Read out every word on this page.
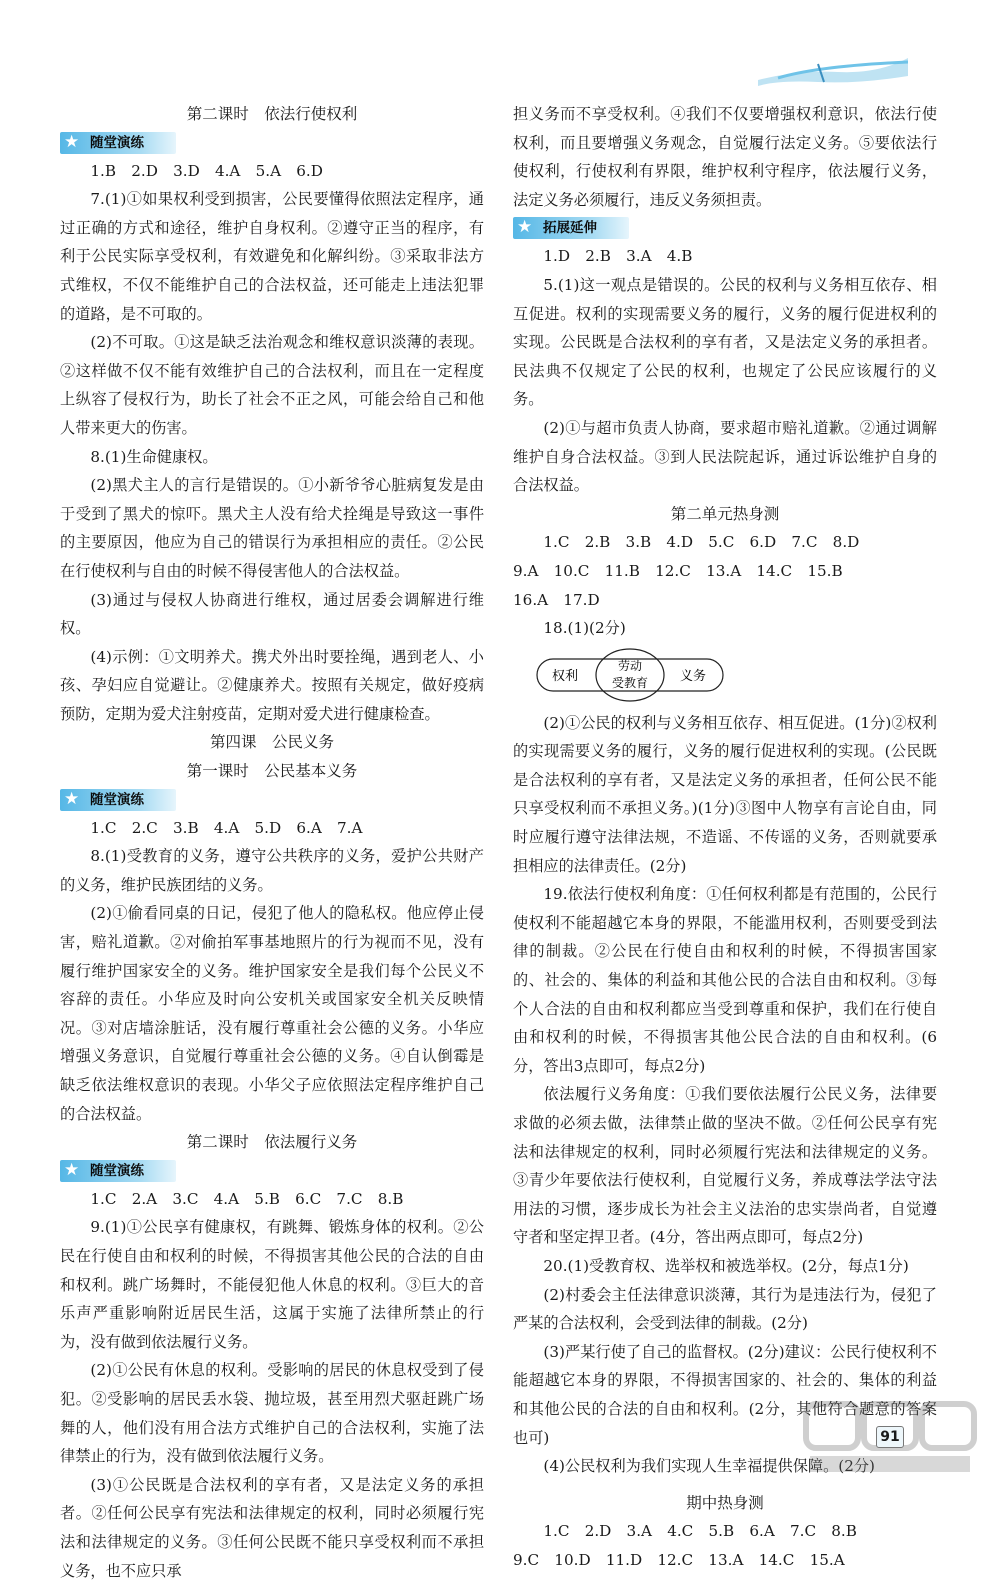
第二课时　依法行使权利

★ 随堂演练

1.B　2.D　3.D　4.A　5.A　6.D

7.(1)①如果权利受到损害，公民要懂得依照法定程序，通过正确的方式和途径，维护自身权利。②遵守正当的程序，有利于公民实际享受权利，有效避免和化解纠纷。③采取非法方式维权，不仅不能维护自己的合法权益，还可能走上违法犯罪的道路，是不可取的。

(2)不可取。①这是缺乏法治观念和维权意识淡薄的表现。②这样做不仅不能有效维护自己的合法权利，而且在一定程度上纵容了侵权行为，助长了社会不正之风，可能会给自己和他人带来更大的伤害。

8.(1)生命健康权。

(2)黑犬主人的言行是错误的。①小新爷爷心脏病复发是由于受到了黑犬的惊吓。黑犬主人没有给犬拴绳是导致这一事件的主要原因，他应为自己的错误行为承担相应的责任。②公民在行使权利与自由的时候不得侵害他人的合法权益。

(3)通过与侵权人协商进行维权，通过居委会调解进行维权。

(4)示例：①文明养犬。携犬外出时要拴绳，遇到老人、小孩、孕妇应自觉避让。②健康养犬。按照有关规定，做好疫病预防，定期为爱犬注射疫苗，定期对爱犬进行健康检查。

第四课　公民义务

第一课时　公民基本义务

★ 随堂演练

1.C　2.C　3.B　4.A　5.D　6.A　7.A

8.(1)受教育的义务，遵守公共秩序的义务，爱护公共财产的义务，维护民族团结的义务。

(2)①偷看同桌的日记，侵犯了他人的隐私权。他应停止侵害，赔礼道歉。②对偷拍军事基地照片的行为视而不见，没有履行维护国家安全的义务。维护国家安全是我们每个公民义不容辞的责任。小华应及时向公安机关或国家安全机关反映情况。③对店墙涂脏话，没有履行尊重社会公德的义务。小华应增强义务意识，自觉履行尊重社会公德的义务。④自认倒霉是缺乏依法维权意识的表现。小华父子应依照法定程序维护自己的合法权益。

第二课时　依法履行义务

★ 随堂演练

1.C　2.A　3.C　4.A　5.B　6.C　7.C　8.B

9.(1)①公民享有健康权，有跳舞、锻炼身体的权利。②公民在行使自由和权利的时候，不得损害其他公民的合法的自由和权利。跳广场舞时，不能侵犯他人休息的权利。③巨大的音乐声严重影响附近居民生活，这属于实施了法律所禁止的行为，没有做到依法履行义务。

(2)①公民有休息的权利。受影响的居民的休息权受到了侵犯。②受影响的居民丢水袋、抛垃圾，甚至用烈犬驱赶跳广场舞的人，他们没有用合法方式维护自己的合法权利，实施了法律禁止的行为，没有做到依法履行义务。

(3)①公民既是合法权利的享有者，又是法定义务的承担者。②任何公民享有宪法和法律规定的权利，同时必须履行宪法和法律规定的义务。③任何公民既不能只享受权利而不承担义务，也不应只承

担义务而不享受权利。④我们不仅要增强权利意识，依法行使权利，而且要增强义务观念，自觉履行法定义务。⑤要依法行使权利，行使权利有界限，维护权利守程序，依法履行义务，法定义务必须履行，违反义务须担责。

★ 拓展延伸

1.D　2.B　3.A　4.B

5.(1)这一观点是错误的。公民的权利与义务相互依存、相互促进。权利的实现需要义务的履行，义务的履行促进权利的实现。公民既是合法权利的享有者，又是法定义务的承担者。民法典不仅规定了公民的权利，也规定了公民应该履行的义务。

(2)①与超市负责人协商，要求超市赔礼道歉。②通过调解维护自身合法权益。③到人民法院起诉，通过诉讼维护自身的合法权益。

第二单元热身测

1.C　2.B　3.B　4.D　5.C　6.D　7.C　8.D

9.A　10.C　11.B　12.C　13.A　14.C　15.B

16.A　17.D

18.(1)(2分)

权利
劳动
受教育 义务

(2)①公民的权利与义务相互依存、相互促进。(1分)②权利的实现需要义务的履行，义务的履行促进权利的实现。(公民既是合法权利的享有者，又是法定义务的承担者，任何公民不能只享受权利而不承担义务。)(1分)③图中人物享有言论自由，同时应履行遵守法律法规，不造谣、不传谣的义务，否则就要承担相应的法律责任。(2分)

19.依法行使权利角度：①任何权利都是有范围的，公民行使权利不能超越它本身的界限，不能滥用权利，否则要受到法律的制裁。②公民在行使自由和权利的时候，不得损害国家的、社会的、集体的利益和其他公民的合法自由和权利。③每个人合法的自由和权利都应当受到尊重和保护，我们在行使自由和权利的时候，不得损害其他公民合法的自由和权利。(6分，答出3点即可，每点2分)

依法履行义务角度：①我们要依法履行公民义务，法律要求做的必须去做，法律禁止做的坚决不做。②任何公民享有宪法和法律规定的权利，同时必须履行宪法和法律规定的义务。③青少年要依法行使权利，自觉履行义务，养成尊法学法守法用法的习惯，逐步成长为社会主义法治的忠实崇尚者，自觉遵守者和坚定捍卫者。(4分，答出两点即可，每点2分)

20.(1)受教育权、选举权和被选举权。(2分，每点1分)

(2)村委会主任法律意识淡薄，其行为是违法行为，侵犯了严某的合法权利，会受到法律的制裁。(2分)

(3)严某行使了自己的监督权。(2分)建议：公民行使权利不能超越它本身的界限，不得损害国家的、社会的、集体的利益和其他公民的合法的自由和权利。(2分，其他符合题意的答案也可)

(4)公民权利为我们实现人生幸福提供保障。(2分)

期中热身测

1.C　2.D　3.A　4.C　5.B　6.A　7.C　8.B

9.C　10.D　11.D　12.C　13.A　14.C　15.A

91
